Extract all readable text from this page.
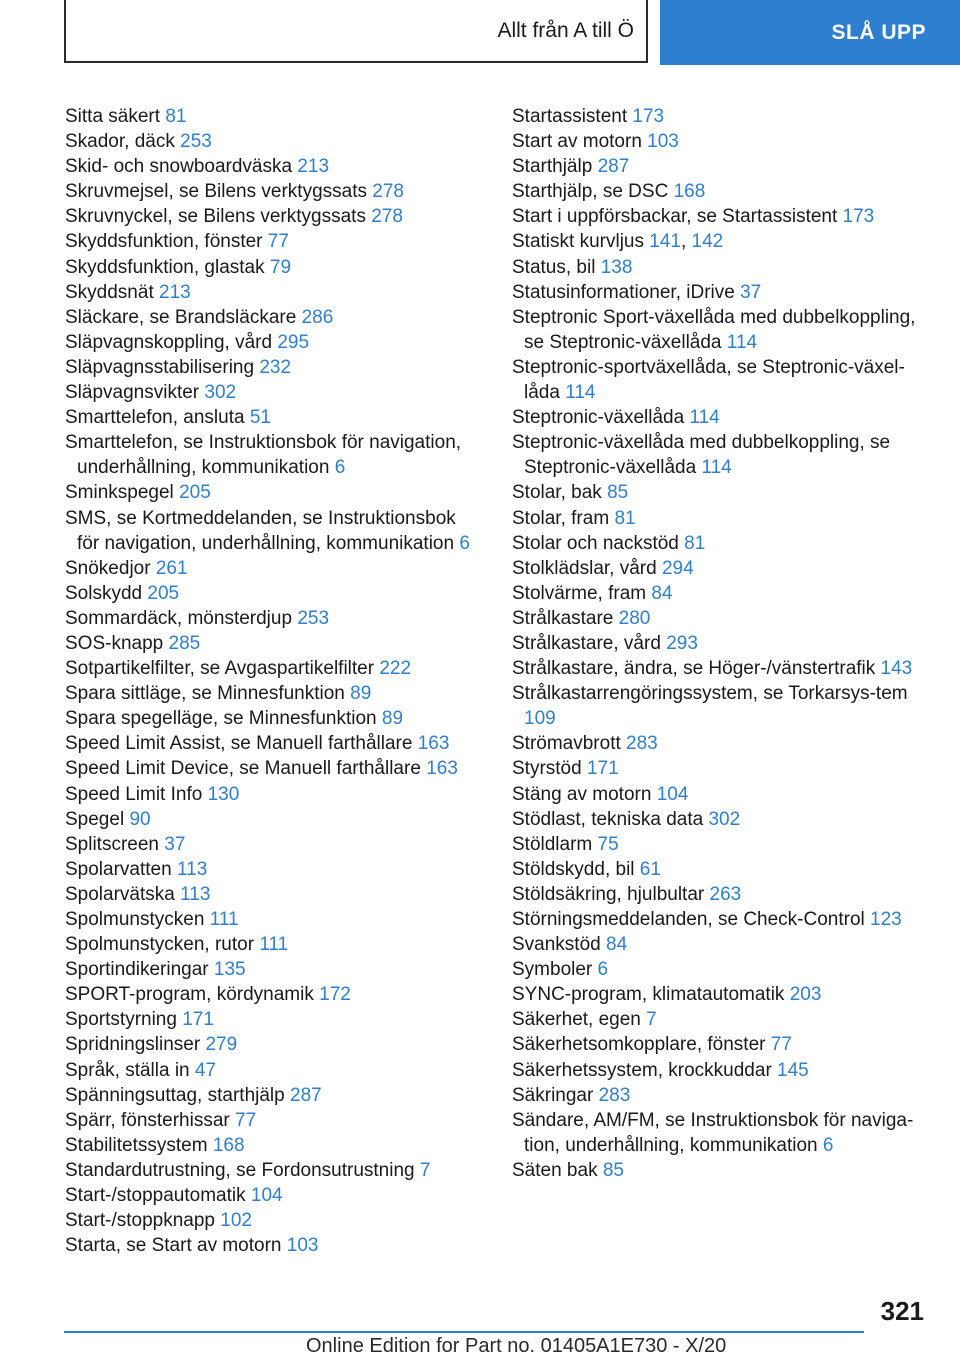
Allt från A till Ö	SLÅ UPP
Sitta säkert 81
Skador, däck 253
Skid- och snowboardväska 213
Skruvmejsel, se Bilens verktygssats 278
Skruvnyckel, se Bilens verktygssats 278
Skyddsfunktion, fönster 77
Skyddsfunktion, glastak 79
Skyddsnät 213
Släckare, se Brandsläckare 286
Släpvagnskoppling, vård 295
Släpvagnsstabilisering 232
Släpvagnsvikter 302
Smarttelefon, ansluta 51
Smarttelefon, se Instruktionsbok för navigation, underhållning, kommunikation 6
Sminkspegel 205
SMS, se Kortmeddelanden, se Instruktionsbok för navigation, underhållning, kommunikation 6
Snökedjor 261
Solskydd 205
Sommardäck, mönsterdjup 253
SOS-knapp 285
Sotpartikelfilter, se Avgaspartikelfilter 222
Spara sittläge, se Minnesfunktion 89
Spara spegelläge, se Minnesfunktion 89
Speed Limit Assist, se Manuell farthållare 163
Speed Limit Device, se Manuell farthållare 163
Speed Limit Info 130
Spegel 90
Splitscreen 37
Spolarvatten 113
Spolarvätska 113
Spolmunstycken 111
Spolmunstycken, rutor 111
Sportindikeringar 135
SPORT-program, kördynamik 172
Sportstyrning 171
Spridningslinser 279
Språk, ställa in 47
Spänningsuttag, starthjälp 287
Spärr, fönsterhissar 77
Stabilitetssystem 168
Standardutrustning, se Fordonsutrustning 7
Start-/stoppautomatik 104
Start-/stoppknapp 102
Starta, se Start av motorn 103
Startassistent 173
Start av motorn 103
Starthjälp 287
Starthjälp, se DSC 168
Start i uppförsbackar, se Startassistent 173
Statiskt kurvljus 141, 142
Status, bil 138
Statusinformationer, iDrive 37
Steptronic Sport-växellåda med dubbelkoppling, se Steptronic-växellåda 114
Steptronic-sportväxellåda, se Steptronic-växel-låda 114
Steptronic-växellåda 114
Steptronic-växellåda med dubbelkoppling, se Steptronic-växellåda 114
Stolar, bak 85
Stolar, fram 81
Stolar och nackstöd 81
Stolklädslar, vård 294
Stolvärme, fram 84
Strålkastare 280
Strålkastare, vård 293
Strålkastare, ändra, se Höger-/vänstertrafik 143
Strålkastarrengöringssystem, se Torkarsys-tem 109
Strömavbrott 283
Styrstöd 171
Stäng av motorn 104
Stödlast, tekniska data 302
Stöldlarm 75
Stöldskydd, bil 61
Stöldsäkring, hjulbultar 263
Störningsmeddelanden, se Check-Control 123
Svankstöd 84
Symboler 6
SYNC-program, klimatautomatik 203
Säkerhet, egen 7
Säkerhetsomkopplare, fönster 77
Säkerhetssystem, krockkuddar 145
Säkringar 283
Sändare, AM/FM, se Instruktionsbok för naviga-tion, underhållning, kommunikation 6
Säten bak 85
321
Online Edition for Part no. 01405A1E730 - X/20
